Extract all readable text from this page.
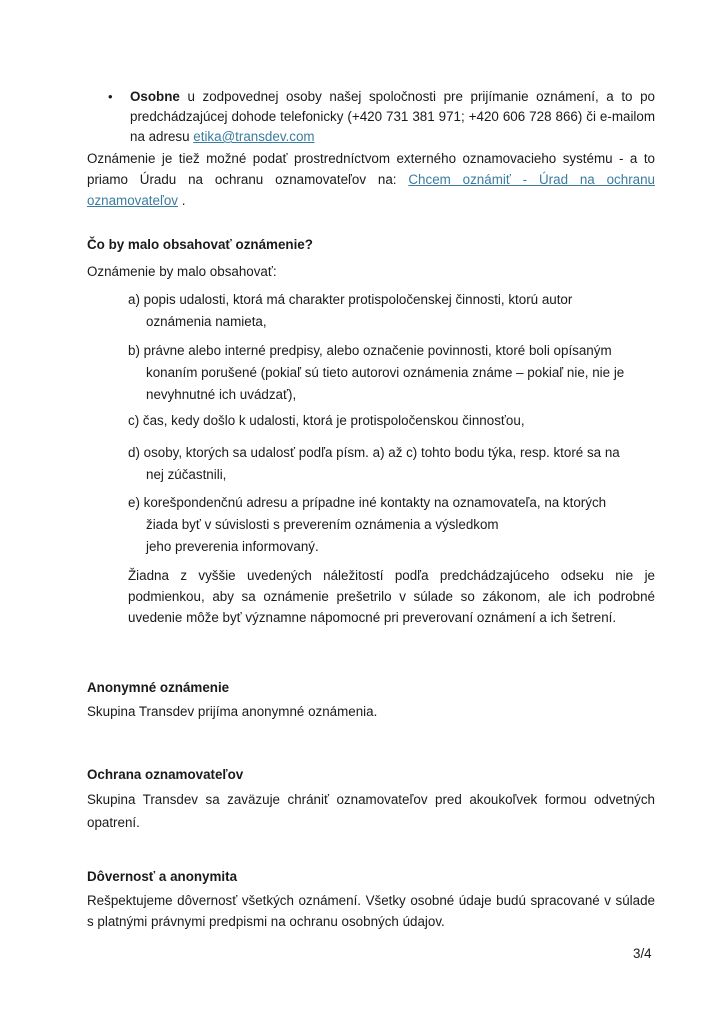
• Osobne u zodpovednej osoby našej spoločnosti pre prijímanie oznámení, a to po predchádzajúcej dohode telefonicky (+420 731 381 971; +420 606 728 866) či e-mailom na adresu etika@transdev.com

Oznámenie je tiež možné podať prostredníctvom externého oznamovacieho systému - a to priamo Úradu na ochranu oznamovateľov na: Chcem oznámiť - Úrad na ochranu oznamovateľov .

Čo by malo obsahovať oznámenie?

Oznámenie by malo obsahovať:

a) popis udalosti, ktorá má charakter protispoločenskej činnosti, ktorú autor
oznámenia namieta,
b) právne alebo interné predpisy, alebo označenie povinnosti, ktoré boli opísaným
konaním porušené (pokiaľ sú tieto autorovi oznámenia známe – pokiaľ nie, nie je nevyhnutné ich uvádzať),
c) čas, kedy došlo k udalosti, ktorá je protispoločenskou činnosťou,
d) osoby, ktorých sa udalosť podľa písm. a) až c) tohto bodu týka, resp. ktoré sa na
nej zúčastnili,
e) korešpondenčnú adresu a prípadne iné kontakty na oznamovateľa, na ktorých
žiada byť v súvislosti s preverením oznámenia a výsledkom jeho preverenia informovaný.

Žiadna z vyššie uvedených náležitostí podľa predchádzajúceho odseku nie je podmienkou, aby sa oznámenie prešetrilo v súlade so zákonom, ale ich podrobné uvedenie môže byť významne nápomocné pri preverovaní oznámení a ich šetrení.

Anonymné oznámenie

Skupina Transdev prijíma anonymné oznámenia.

Ochrana oznamovateľov

Skupina Transdev sa zaväzuje chrániť oznamovateľov pred akoukoľvek formou odvetných opatrení.

Dôvernosť a anonymita

Rešpektujeme dôvernosť všetkých oznámení. Všetky osobné údaje budú spracované v súlade s platnými právnymi predpismi na ochranu osobných údajov.

3/4
